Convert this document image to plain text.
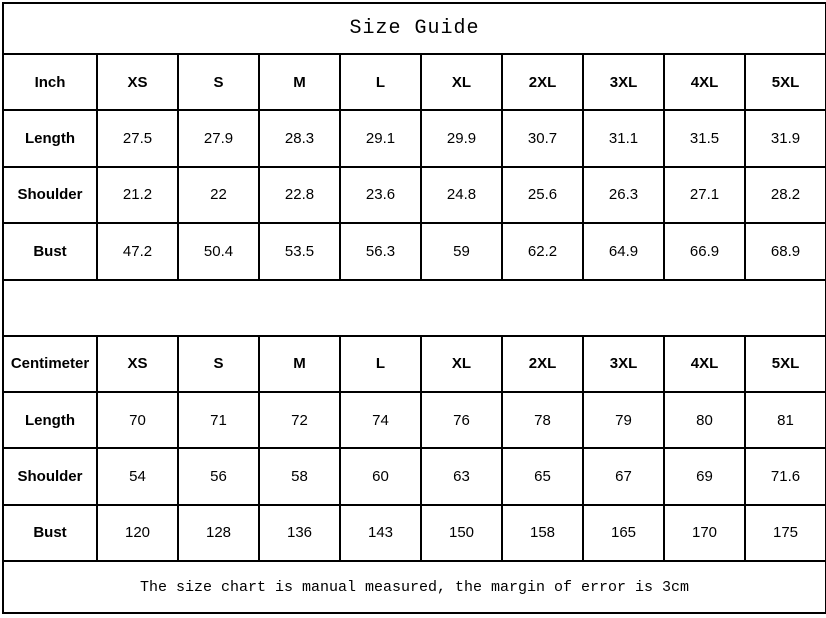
Size Guide									
Inch	XS	S	M	L	XL	2XL	3XL	4XL	5XL
Length	27.5	27.9	28.3	29.1	29.9	30.7	31.1	31.5	31.9
Shoulder	21.2	22	22.8	23.6	24.8	25.6	26.3	27.1	28.2
Bust	47.2	50.4	53.5	56.3	59	62.2	64.9	66.9	68.9

Centimeter	XS	S	M	L	XL	2XL	3XL	4XL	5XL
Length	70	71	72	74	76	78	79	80	81
Shoulder	54	56	58	60	63	65	67	69	71.6
Bust	120	128	136	143	150	158	165	170	175
The size chart is manual measured, the margin of error is 3cm									
